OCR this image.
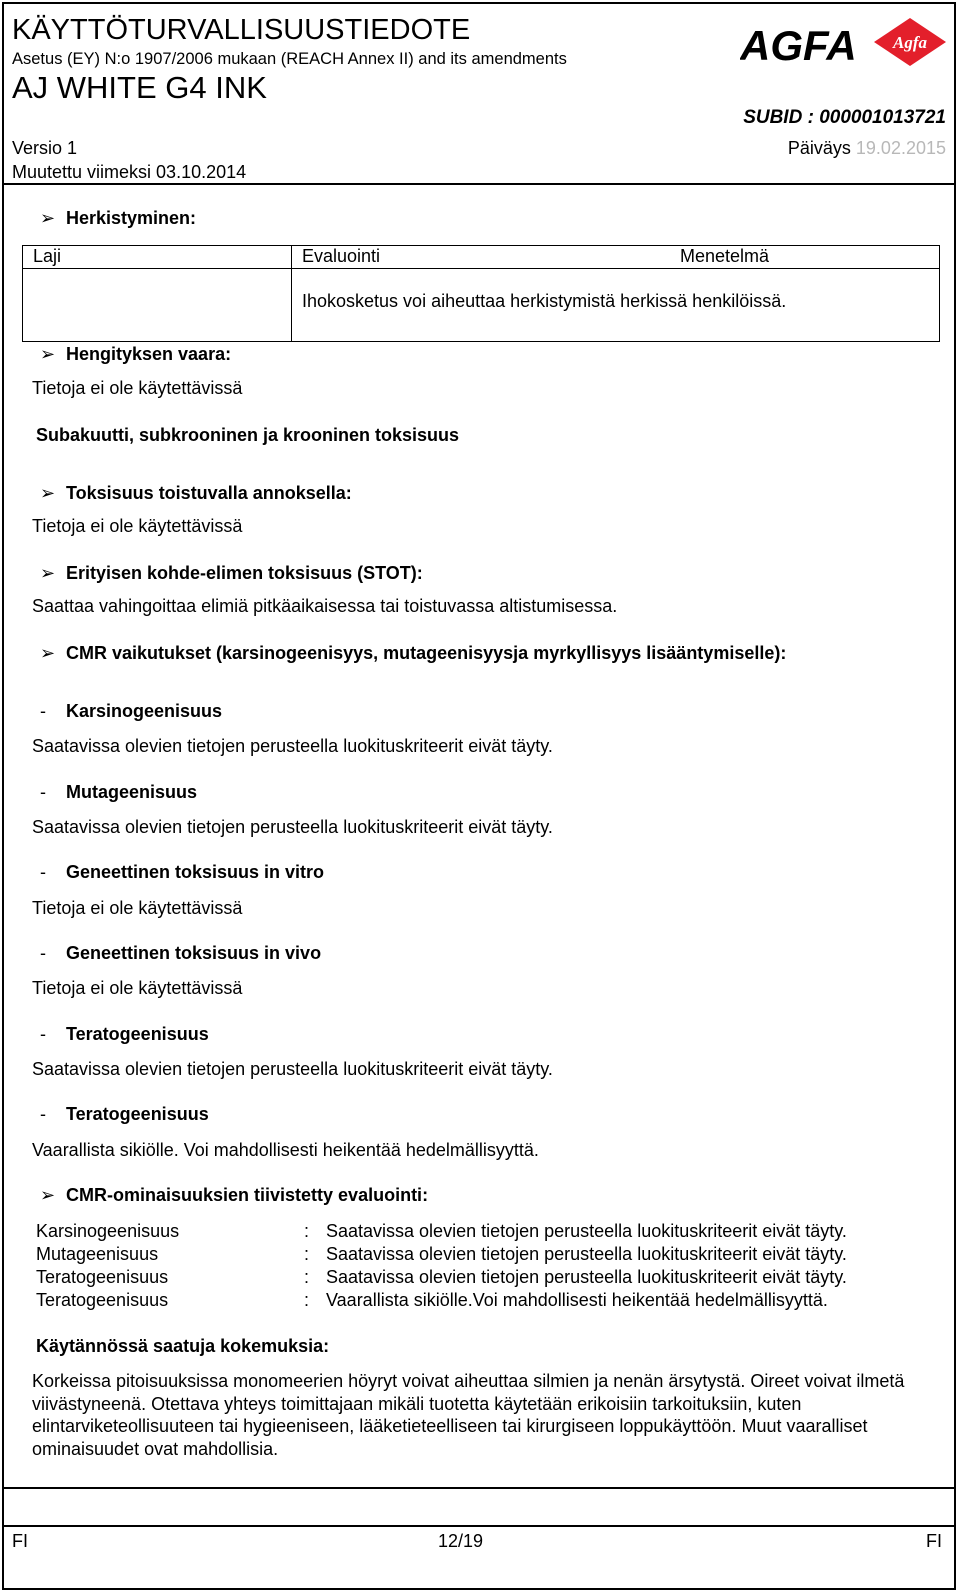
KÄYTTÖTURVALLISUUSTIEDOTE
Asetus (EY) N:o 1907/2006 mukaan (REACH Annex II) and its amendments
AJ WHITE G4 INK
AGFA Agfa
SUBID : 000001013721
Versio 1	Päiväys 19.02.2015
Muutettu viimeksi 03.10.2014
➢ Herkistyminen:
Laji	Evaluointi	Menetelmä
	Ihokosketus voi aiheuttaa herkistymistä herkissä henkilöissä.	
➢ Hengityksen vaara:
Tietoja ei ole käytettävissä
Subakuutti, subkrooninen ja krooninen toksisuus
➢ Toksisuus toistuvalla annoksella:
Tietoja ei ole käytettävissä
➢ Erityisen kohde-elimen toksisuus (STOT):
Saattaa vahingoittaa elimiä pitkäaikaisessa tai toistuvassa altistumisessa.
➢ CMR vaikutukset (karsinogeenisyys, mutageenisyysja myrkyllisyys lisääntymiselle):
- Karsinogeenisuus
Saatavissa olevien tietojen perusteella luokituskriteerit eivät täyty.
- Mutageenisuus
Saatavissa olevien tietojen perusteella luokituskriteerit eivät täyty.
- Geneettinen toksisuus in vitro
Tietoja ei ole käytettävissä
- Geneettinen toksisuus in vivo
Tietoja ei ole käytettävissä
- Teratogeenisuus
Saatavissa olevien tietojen perusteella luokituskriteerit eivät täyty.
- Teratogeenisuus
Vaarallista sikiölle. Voi mahdollisesti heikentää hedelmällisyyttä.
➢ CMR-ominaisuuksien tiivistetty evaluointi:
Karsinogeenisuus	: Saatavissa olevien tietojen perusteella luokituskriteerit eivät täyty.
Mutageenisuus	: Saatavissa olevien tietojen perusteella luokituskriteerit eivät täyty.
Teratogeenisuus	: Saatavissa olevien tietojen perusteella luokituskriteerit eivät täyty.
Teratogeenisuus	: Vaarallista sikiölle.Voi mahdollisesti heikentää hedelmällisyyttä.
Käytännössä saatuja kokemuksia:
Korkeissa pitoisuuksissa monomeerien höyryt voivat aiheuttaa silmien ja nenän ärsytystä. Oireet voivat ilmetä viivästyneenä. Otettava yhteys toimittajaan mikäli tuotetta käytetään erikoisiin tarkoituksiin, kuten elintarviketeollisuuteen tai hygieeniseen, lääketieteelliseen tai kirurgiseen loppukäyttöön. Muut vaaralliset ominaisuudet ovat mahdollisia.
FI	12/19	FI
